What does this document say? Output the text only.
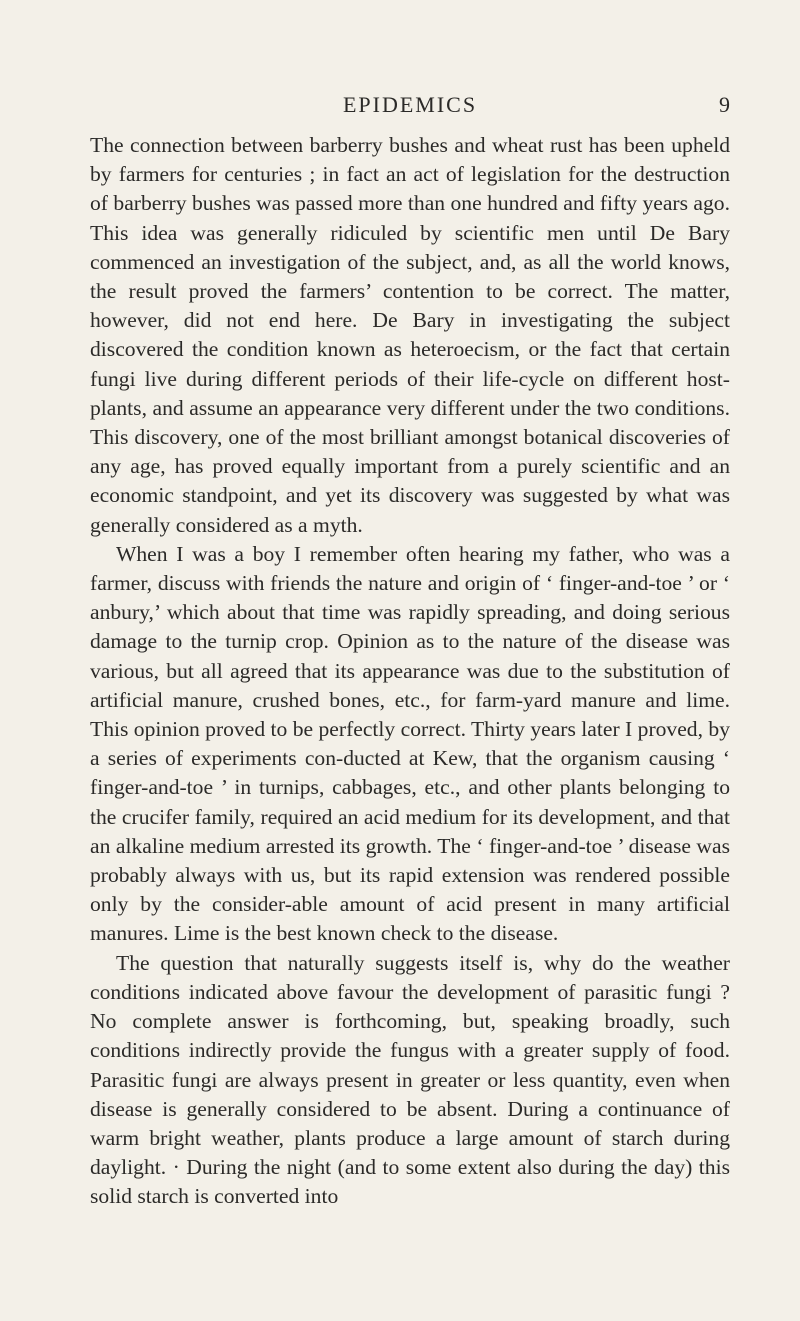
EPIDEMICS	9

The connection between barberry bushes and wheat rust has been upheld by farmers for centuries ; in fact an act of legislation for the destruction of barberry bushes was passed more than one hundred and fifty years ago. This idea was generally ridiculed by scientific men until De Bary commenced an investigation of the subject, and, as all the world knows, the result proved the farmers’ contention to be correct. The matter, however, did not end here. De Bary in investigating the subject discovered the condition known as heteroecism, or the fact that certain fungi live during different periods of their life-cycle on different host-plants, and assume an appearance very different under the two conditions. This discovery, one of the most brilliant amongst botanical discoveries of any age, has proved equally important from a purely scientific and an economic standpoint, and yet its discovery was suggested by what was generally considered as a myth.

When I was a boy I remember often hearing my father, who was a farmer, discuss with friends the nature and origin of ‘ finger-and-toe ’ or ‘ anbury,’ which about that time was rapidly spreading, and doing serious damage to the turnip crop. Opinion as to the nature of the disease was various, but all agreed that its appearance was due to the substitution of artificial manure, crushed bones, etc., for farm-yard manure and lime. This opinion proved to be perfectly correct. Thirty years later I proved, by a series of experiments con-ducted at Kew, that the organism causing ‘ finger-and-toe ’ in turnips, cabbages, etc., and other plants belonging to the crucifer family, required an acid medium for its development, and that an alkaline medium arrested its growth. The ‘ finger-and-toe ’ disease was probably always with us, but its rapid extension was rendered possible only by the consider-able amount of acid present in many artificial manures. Lime is the best known check to the disease.

The question that naturally suggests itself is, why do the weather conditions indicated above favour the development of parasitic fungi ? No complete answer is forthcoming, but, speaking broadly, such conditions indirectly provide the fungus with a greater supply of food. Parasitic fungi are always present in greater or less quantity, even when disease is generally considered to be absent. During a continuance of warm bright weather, plants produce a large amount of starch during daylight. · During the night (and to some extent also during the day) this solid starch is converted into
